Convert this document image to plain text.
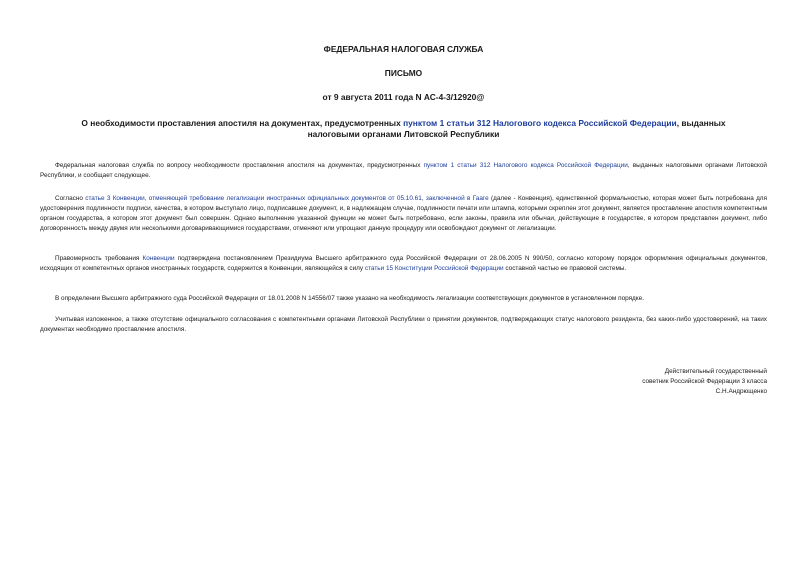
ФЕДЕРАЛЬНАЯ НАЛОГОВАЯ СЛУЖБА

ПИСЬМО

от 9 августа 2011 года N АС-4-3/12920@

О необходимости проставления апостиля на документах, предусмотренных пунктом 1 статьи 312 Налогового кодекса Российской Федерации, выданных налоговыми органами Литовской Республики

Федеральная налоговая служба по вопросу необходимости проставления апостиля на документах, предусмотренных пунктом 1 статьи 312 Налогового кодекса Российской Федерации, выданных налоговыми органами Литовской Республики, и сообщает следующее.

Согласно статье 3 Конвенции, отменяющей требование легализации иностранных официальных документов от 05.10.61, заключенной в Гааге (далее - Конвенция), единственной формальностью, которая может быть потребована для удостоверения подлинности подписи, качества, в котором выступало лицо, подписавшее документ, и, в надлежащем случае, подлинности печати или штампа, которыми скреплен этот документ, является проставление апостиля компетентным органом государства, в котором этот документ был совершен. Однако выполнение указанной функции не может быть потребовано, если законы, правила или обычаи, действующие в государстве, в котором представлен документ, либо договоренность между двумя или несколькими договаривающимися государствами, отменяют или упрощают данную процедуру или освобождают документ от легализации.

Правомерность требования Конвенции подтверждена постановлением Президиума Высшего арбитражного суда Российской Федерации от 28.06.2005 N 990/50, согласно которому порядок оформления официальных документов, исходящих от компетентных органов иностранных государств, содержится в Конвенции, являющейся в силу статьи 15 Конституции Российской Федерации составной частью ее правовой системы.

В определении Высшего арбитражного суда Российской Федерации от 18.01.2008 N 14556/07 также указано на необходимость легализации соответствующих документов в установленном порядке.

Учитывая изложенное, а также отсутствие официального согласования с компетентными органами Литовской Республики о принятии документов, подтверждающих статус налогового резидента, без каких-либо удостоверений, на таких документах необходимо проставление апостиля.

Действительный государственный
советник Российской Федерации 3 класса
С.Н.Андрющенко
